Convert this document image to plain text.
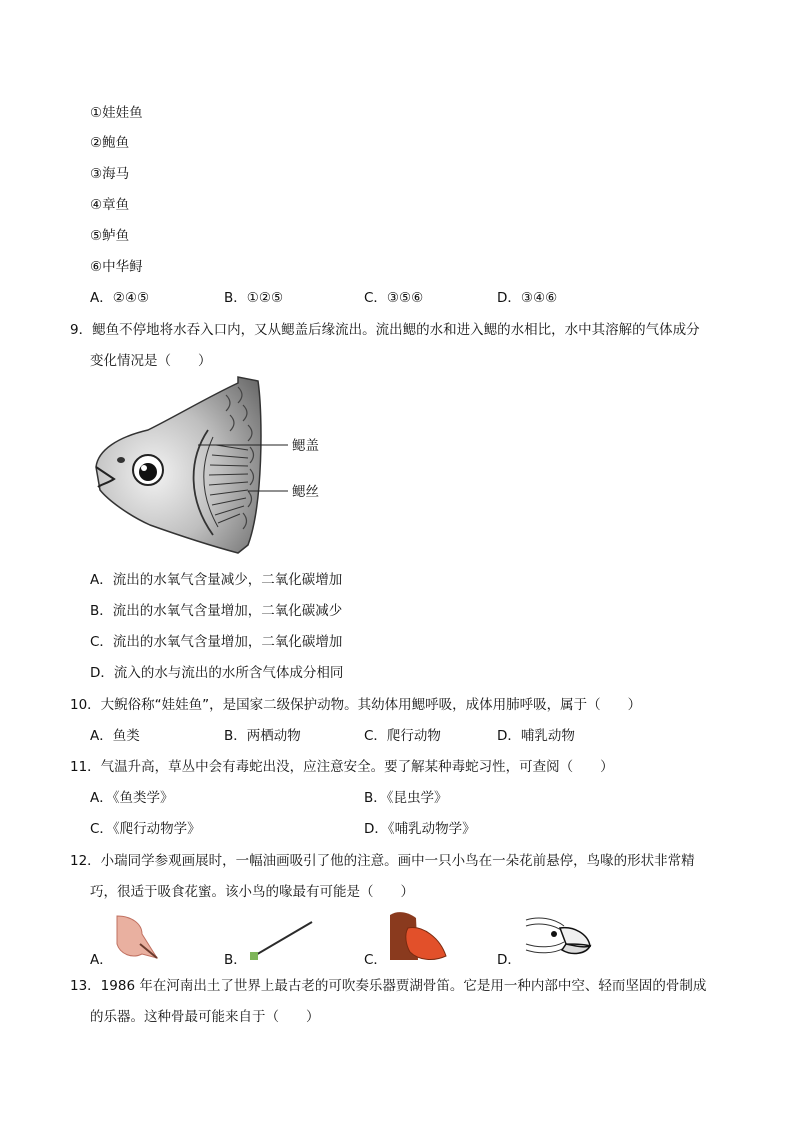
①娃娃鱼
②鲍鱼
③海马
④章鱼
⑤鲈鱼
⑥中华鲟
A．②④⑤	B．①②⑤	C．③⑤⑥	D．③④⑥
9．鳃鱼不停地将水吞入口内，又从鳃盖后缘流出。流出鳃的水和进入鳃的水相比，水中其溶解的气体成分
变化情况是（　　）
鳃盖
鳃丝
A．流出的水氧气含量减少，二氧化碳增加
B．流出的水氧气含量增加，二氧化碳减少
C．流出的水氧气含量增加，二氧化碳增加
D．流入的水与流出的水所含气体成分相同
10．大鲵俗称“娃娃鱼”，是国家二级保护动物。其幼体用鳃呼吸，成体用肺呼吸，属于（　　）
A．鱼类	B．两栖动物	C．爬行动物	D．哺乳动物
11．气温升高，草丛中会有毒蛇出没，应注意安全。要了解某种毒蛇习性，可查阅（　　）
A．《鱼类学》	B．《昆虫学》
C．《爬行动物学》	D．《哺乳动物学》
12．小瑞同学参观画展时，一幅油画吸引了他的注意。画中一只小鸟在一朵花前悬停，鸟喙的形状非常精
巧，很适于吸食花蜜。该小鸟的喙最有可能是（　　）
A．	B．	C．	D．
13．1986 年在河南出土了世界上最古老的可吹奏乐器贾湖骨笛。它是用一种内部中空、轻而坚固的骨制成
的乐器。这种骨最可能来自于（　　）
